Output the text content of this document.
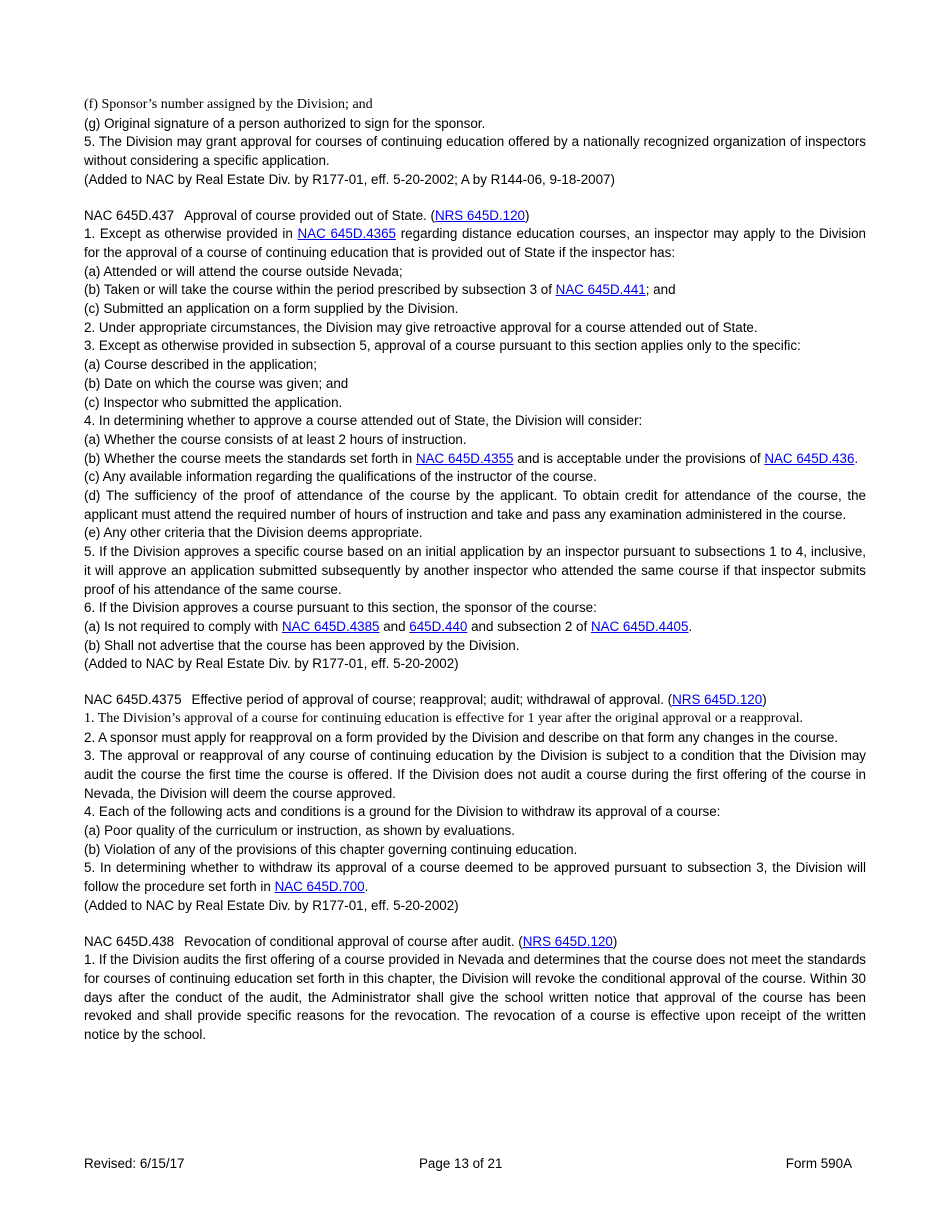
(f) Sponsor’s number assigned by the Division; and
(g) Original signature of a person authorized to sign for the sponsor.
5. The Division may grant approval for courses of continuing education offered by a nationally recognized organization of inspectors without considering a specific application.
(Added to NAC by Real Estate Div. by R177-01, eff. 5-20-2002; A by R144-06, 9-18-2007)
NAC 645D.437 Approval of course provided out of State. (NRS 645D.120)
1. Except as otherwise provided in NAC 645D.4365 regarding distance education courses, an inspector may apply to the Division for the approval of a course of continuing education that is provided out of State if the inspector has:
(a) Attended or will attend the course outside Nevada;
(b) Taken or will take the course within the period prescribed by subsection 3 of NAC 645D.441; and
(c) Submitted an application on a form supplied by the Division.
2. Under appropriate circumstances, the Division may give retroactive approval for a course attended out of State.
3. Except as otherwise provided in subsection 5, approval of a course pursuant to this section applies only to the specific:
(a) Course described in the application;
(b) Date on which the course was given; and
(c) Inspector who submitted the application.
4. In determining whether to approve a course attended out of State, the Division will consider:
(a) Whether the course consists of at least 2 hours of instruction.
(b) Whether the course meets the standards set forth in NAC 645D.4355 and is acceptable under the provisions of NAC 645D.436.
(c) Any available information regarding the qualifications of the instructor of the course.
(d) The sufficiency of the proof of attendance of the course by the applicant. To obtain credit for attendance of the course, the applicant must attend the required number of hours of instruction and take and pass any examination administered in the course.
(e) Any other criteria that the Division deems appropriate.
5. If the Division approves a specific course based on an initial application by an inspector pursuant to subsections 1 to 4, inclusive, it will approve an application submitted subsequently by another inspector who attended the same course if that inspector submits proof of his attendance of the same course.
6. If the Division approves a course pursuant to this section, the sponsor of the course:
(a) Is not required to comply with NAC 645D.4385 and 645D.440 and subsection 2 of NAC 645D.4405.
(b) Shall not advertise that the course has been approved by the Division.
(Added to NAC by Real Estate Div. by R177-01, eff. 5-20-2002)
NAC 645D.4375 Effective period of approval of course; reapproval; audit; withdrawal of approval. (NRS 645D.120)
1. The Division’s approval of a course for continuing education is effective for 1 year after the original approval or a reapproval.
2. A sponsor must apply for reapproval on a form provided by the Division and describe on that form any changes in the course.
3. The approval or reapproval of any course of continuing education by the Division is subject to a condition that the Division may audit the course the first time the course is offered. If the Division does not audit a course during the first offering of the course in Nevada, the Division will deem the course approved.
4. Each of the following acts and conditions is a ground for the Division to withdraw its approval of a course:
(a) Poor quality of the curriculum or instruction, as shown by evaluations.
(b) Violation of any of the provisions of this chapter governing continuing education.
5. In determining whether to withdraw its approval of a course deemed to be approved pursuant to subsection 3, the Division will follow the procedure set forth in NAC 645D.700.
(Added to NAC by Real Estate Div. by R177-01, eff. 5-20-2002)
NAC 645D.438 Revocation of conditional approval of course after audit. (NRS 645D.120)
1. If the Division audits the first offering of a course provided in Nevada and determines that the course does not meet the standards for courses of continuing education set forth in this chapter, the Division will revoke the conditional approval of the course. Within 30 days after the conduct of the audit, the Administrator shall give the school written notice that approval of the course has been revoked and shall provide specific reasons for the revocation. The revocation of a course is effective upon receipt of the written notice by the school.
Revised: 6/15/17	Page 13 of 21	Form 590A
